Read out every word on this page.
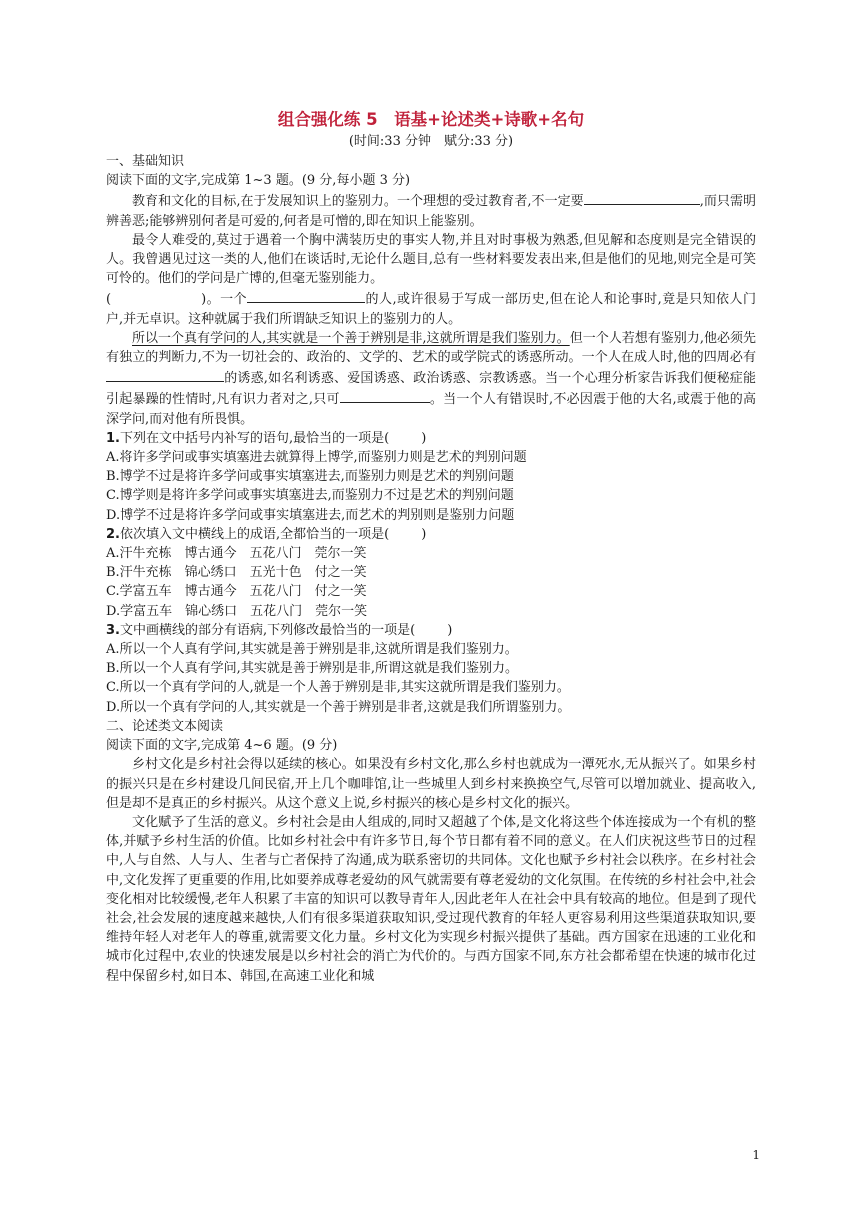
组合强化练 5　语基+论述类+诗歌+名句

(时间:33 分钟　赋分:33 分)

一、基础知识

阅读下面的文字,完成第 1~3 题。(9 分,每小题 3 分)

教育和文化的目标,在于发展知识上的鉴别力。一个理想的受过教育者,不一定要	,而只需明辨善恶;能够辨别何者是可爱的,何者是可憎的,即在知识上能鉴别。

最令人难受的,莫过于遇着一个胸中满装历史的事实人物,并且对时事极为熟悉,但见解和态度则是完全错误的人。我曾遇见过这一类的人,他们在谈话时,无论什么题目,总有一些材料要发表出来,但是他们的见地,则完全是可笑可怜的。他们的学问是广博的,但毫无鉴别能力。

(	)。一个	的人,或许很易于写成一部历史,但在论人和论事时,竟是只知依人门户,并无卓识。这种就属于我们所谓缺乏知识上的鉴别力的人。

所以一个真有学问的人,其实就是一个善于辨别是非,这就所谓是我们鉴别力。但一个人若想有鉴别力,他必须先有独立的判断力,不为一切社会的、政治的、文学的、艺术的或学院式的诱惑所动。一个人在成人时,他的四周必有的诱惑,如名利诱惑、爱国诱惑、政治诱惑、宗教诱惑。当一个心理分析家告诉我们便秘症能引起暴躁的性情时,凡有识力者对之,只可	。当一个人有错误时,不必因震于他的大名,或震于他的高深学问,而对他有所畏惧。

1.下列在文中括号内补写的语句,最恰当的一项是( )

A.将许多学问或事实填塞进去就算得上博学,而鉴别力则是艺术的判别问题

B.博学不过是将许多学问或事实填塞进去,而鉴别力则是艺术的判别问题

C.博学则是将许多学问或事实填塞进去,而鉴别力不过是艺术的判别问题

D.博学不过是将许多学问或事实填塞进去,而艺术的判别则是鉴别力问题

2.依次填入文中横线上的成语,全都恰当的一项是( )

A.汗牛充栋　博古通今　五花八门　莞尔一笑

B.汗牛充栋　锦心绣口　五光十色　付之一笑

C.学富五车　博古通今　五花八门　付之一笑

D.学富五车　锦心绣口　五花八门　莞尔一笑

3.文中画横线的部分有语病,下列修改最恰当的一项是( )

A.所以一个人真有学问,其实就是善于辨别是非,这就所谓是我们鉴别力。

B.所以一个人真有学问,其实就是善于辨别是非,所谓这就是我们鉴别力。

C.所以一个真有学问的人,就是一个人善于辨别是非,其实这就所谓是我们鉴别力。

D.所以一个真有学问的人,其实就是一个善于辨别是非者,这就是我们所谓鉴别力。

二、论述类文本阅读

阅读下面的文字,完成第 4~6 题。(9 分)

乡村文化是乡村社会得以延续的核心。如果没有乡村文化,那么乡村也就成为一潭死水,无从振兴了。如果乡村的振兴只是在乡村建设几间民宿,开上几个咖啡馆,让一些城里人到乡村来换换空气,尽管可以增加就业、提高收入,但是却不是真正的乡村振兴。从这个意义上说,乡村振兴的核心是乡村文化的振兴。

文化赋予了生活的意义。乡村社会是由人组成的,同时又超越了个体,是文化将这些个体连接成为一个有机的整体,并赋予乡村生活的价值。比如乡村社会中有许多节日,每个节日都有着不同的意义。在人们庆祝这些节日的过程中,人与自然、人与人、生者与亡者保持了沟通,成为联系密切的共同体。文化也赋予乡村社会以秩序。在乡村社会中,文化发挥了更重要的作用,比如要养成尊老爱幼的风气就需要有尊老爱幼的文化氛围。在传统的乡村社会中,社会变化相对比较缓慢,老年人积累了丰富的知识可以教导青年人,因此老年人在社会中具有较高的地位。但是到了现代社会,社会发展的速度越来越快,人们有很多渠道获取知识,受过现代教育的年轻人更容易利用这些渠道获取知识,要维持年轻人对老年人的尊重,就需要文化力量。乡村文化为实现乡村振兴提供了基础。西方国家在迅速的工业化和城市化过程中,农业的快速发展是以乡村社会的消亡为代价的。与西方国家不同,东方社会都希望在快速的城市化过程中保留乡村,如日本、韩国,在高速工业化和城

1
